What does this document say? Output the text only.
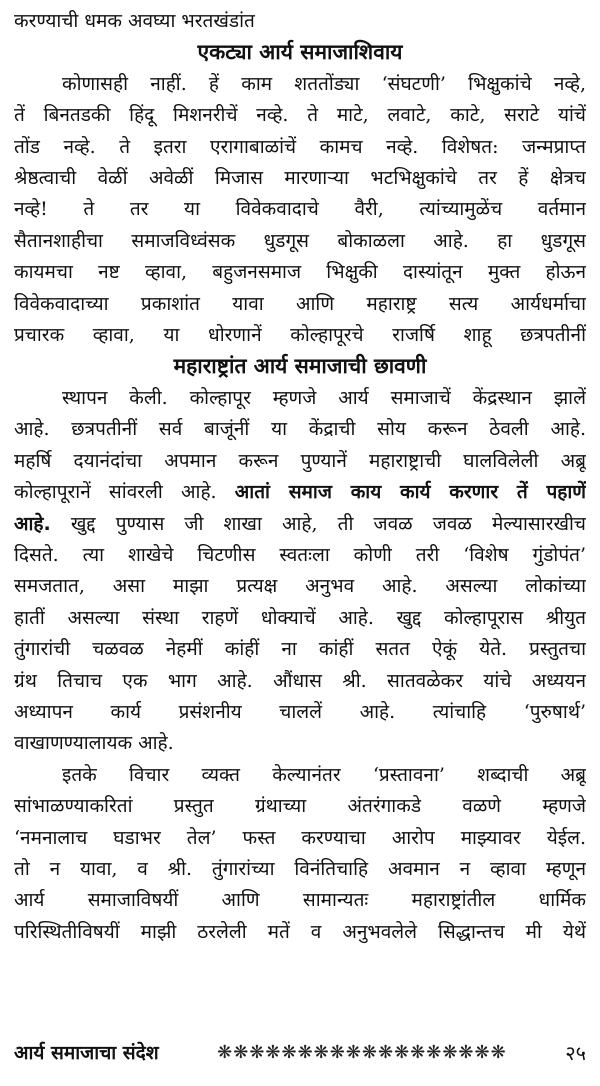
करण्याची धमक अवघ्या भरतखंडांत
एकट्या आर्य समाजाशिवाय
कोणासही नाहीं. हें काम शततोंड्या ‘संघटणी’ भिक्षुकांचे नव्हे,
तें बिनतडकी हिंदू मिशनरीचें नव्हे. ते माटे, लवाटे, काटे, सराटे यांचें
तोंड नव्हे. ते इतरा एरागाबाळांचें कामच नव्हे. विशेषत: जन्मप्राप्त
श्रेष्ठत्वाची वेळीं अवेळीं मिजास मारणाऱ्या भटभिक्षुकांचे तर हें क्षेत्रच
नव्हे! ते तर या विवेकवादाचे वैरी, त्यांच्यामुळेंच वर्तमान
सैतानशाहीचा समाजविध्वंसक धुडगूस बोकाळला आहे. हा धुडगूस
कायमचा नष्ट व्हावा, बहुजनसमाज भिक्षुकी दास्यांतून मुक्त होऊन
विवेकवादाच्या प्रकाशांत यावा आणि महाराष्ट्र सत्य आर्यधर्माचा
प्रचारक व्हावा, या धोरणानें कोल्हापूरचे राजर्षि शाहू छत्रपतीनीं
महाराष्ट्रांत आर्य समाजाची छावणी
स्थापन केली. कोल्हापूर म्हणजे आर्य समाजाचें केंद्रस्थान झालें
आहे. छत्रपतीनीं सर्व बाजूंनीं या केंद्राची सोय करून ठेवली आहे.
महर्षि दयानंदांचा अपमान करून पुण्यानें महाराष्ट्राची घालविलेली अब्रू
कोल्हापूरानें सांवरली आहे. आतां समाज काय कार्य करणार तें पहाणें
आहे. खुद्द पुण्यास जी शाखा आहे, ती जवळ जवळ मेल्यासारखीच
दिसते. त्या शाखेचे चिटणीस स्वतःला कोणी तरी ‘विशेष गुंडोपंत’
समजतात, असा माझा प्रत्यक्ष अनुभव आहे. असल्या लोकांच्या
हातीं असल्या संस्था राहणें धोक्याचें आहे. खुद्द कोल्हापूरास श्रीयुत
तुंगारांची चळवळ नेहमीं कांहीं ना कांहीं सतत ऐकूं येते. प्रस्तुतचा
ग्रंथ तिचाच एक भाग आहे. औंधास श्री. सातवळेकर यांचे अध्ययन
अध्यापन कार्य प्रसंशनीय चाललें आहे. त्यांचाहि ‘पुरुषार्थ’
वाखाणण्यालायक आहे.
इतके विचार व्यक्त केल्यानंतर ‘प्रस्तावना’ शब्दाची अब्रू
सांभाळण्याकरितां प्रस्तुत ग्रंथाच्या अंतरंगाकडे वळणे म्हणजे
‘नमनालाच घडाभर तेल’ फस्त करण्याचा आरोप माझ्यावर येईल.
तो न यावा, व श्री. तुंगारांच्या विनंतिचाहि अवमान न व्हावा म्हणून
आर्य समाजाविषयीं आणि सामान्यतः महाराष्ट्रांतील धार्मिक
परिस्थितीविषयीं माझी ठरलेली मतें व अनुभवलेले सिद्धान्तच मी येथें
आर्य समाजाचा संदेश	❋❋❋❋❋❋❋❋❋❋❋❋❋❋❋❋❋❋	२५
